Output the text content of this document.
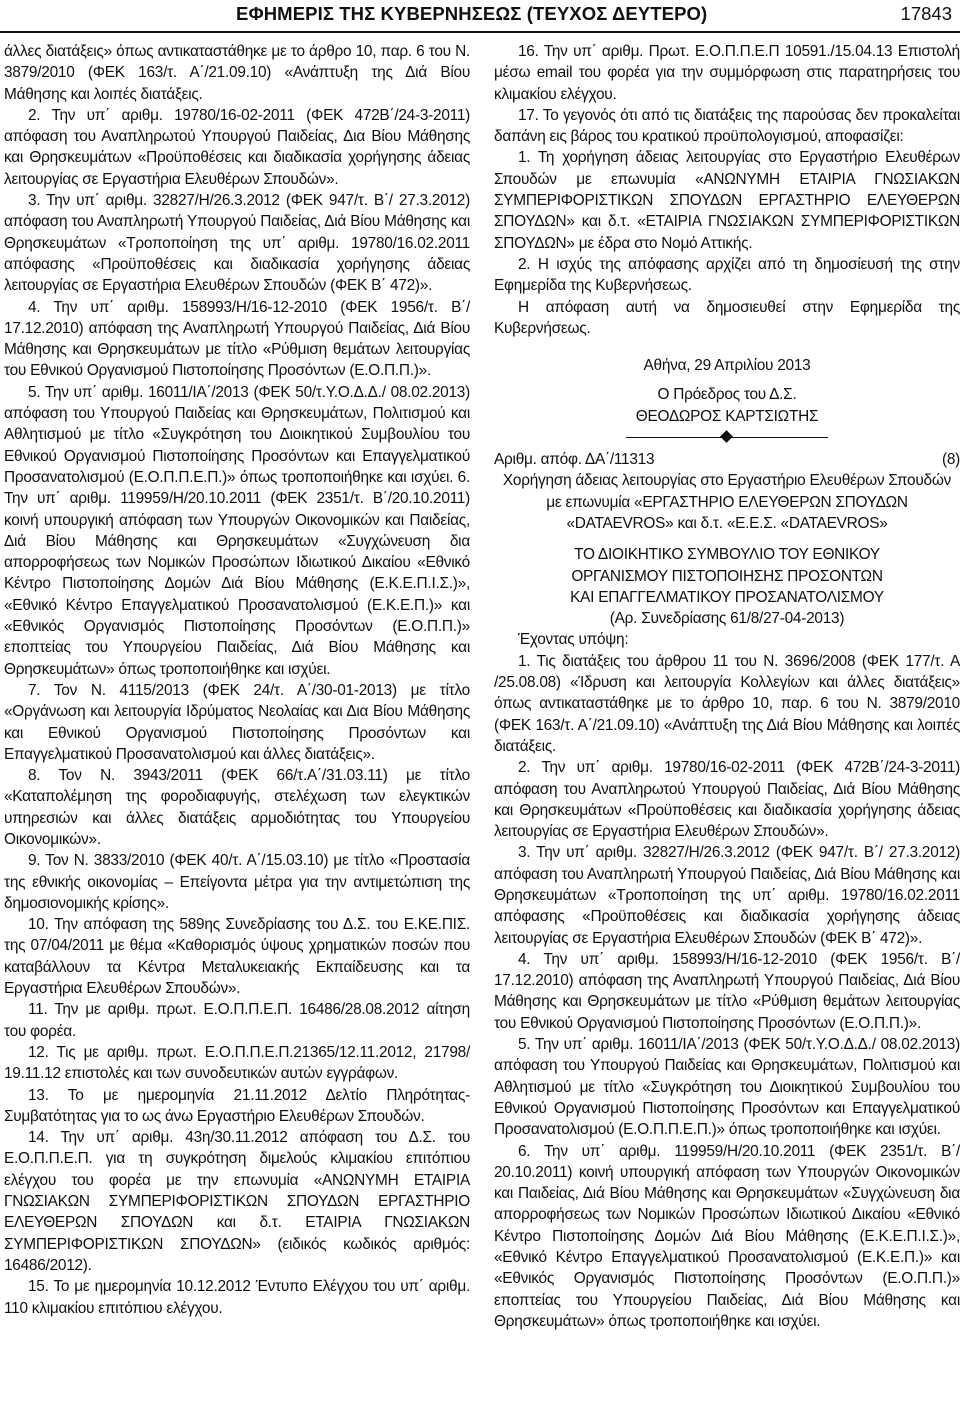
ΕΦΗΜΕΡΙΣ ΤΗΣ ΚΥΒΕΡΝΗΣΕΩΣ (ΤΕΥΧΟΣ ΔΕΥΤΕΡΟ)	17843

άλλες διατάξεις» όπως αντικαταστάθηκε με το άρθρο 10, παρ. 6 του Ν. 3879/2010 (ΦΕΚ 163/τ. Α΄/21.09.10) «Ανάπτυξη της Διά Βίου Μάθησης και λοιπές διατάξεις.

2. Την υπ΄ αριθμ. 19780/16-02-2011 (ΦΕΚ 472Β΄/24-3-2011) απόφαση του Αναπληρωτού Υπουργού Παιδείας, Δια Βίου Μάθησης και Θρησκευμάτων «Προϋποθέσεις και διαδικασία χορήγησης άδειας λειτουργίας σε Εργαστήρια Ελευθέρων Σπουδών».

3. Την υπ΄ αριθμ. 32827/Η/26.3.2012 (ΦΕΚ 947/τ. Β΄/ 27.3.2012) απόφαση του Αναπληρωτή Υπουργού Παιδείας, Διά Βίου Μάθησης και Θρησκευμάτων «Τροποποίηση της υπ΄ αριθμ. 19780/16.02.2011 απόφασης «Προϋποθέσεις και διαδικασία χορήγησης άδειας λειτουργίας σε Εργαστήρια Ελευθέρων Σπουδών (ΦΕΚ Β΄ 472)».

4. Την υπ΄ αριθμ. 158993/Η/16-12-2010 (ΦΕΚ 1956/τ. Β΄/ 17.12.2010) απόφαση της Αναπληρωτή Υπουργού Παιδείας, Διά Βίου Μάθησης και Θρησκευμάτων με τίτλο «Ρύθμιση θεμάτων λειτουργίας του Εθνικού Οργανισμού Πιστοποίησης Προσόντων (Ε.Ο.Π.Π.)».

5. Την υπ΄ αριθμ. 16011/ΙΑ΄/2013 (ΦΕΚ 50/τ.Υ.Ο.Δ.Δ./ 08.02.2013) απόφαση του Υπουργού Παιδείας και Θρησκευμάτων, Πολιτισμού και Αθλητισμού με τίτλο «Συγκρότηση του Διοικητικού Συμβουλίου του Εθνικού Οργανισμού Πιστοποίησης Προσόντων και Επαγγελματικού Προσανατολισμού (Ε.Ο.Π.Π.Ε.Π.)» όπως τροποποιήθηκε και ισχύει. 6. Την υπ΄ αριθμ. 119959/Η/20.10.2011 (ΦΕΚ 2351/τ. Β΄/20.10.2011) κοινή υπουργική απόφαση των Υπουργών Οικονομικών και Παιδείας, Διά Βίου Μάθησης και Θρησκευμάτων «Συγχώνευση δια απορροφήσεως των Νομικών Προσώπων Ιδιωτικού Δικαίου «Εθνικό Κέντρο Πιστοποίησης Δομών Διά Βίου Μάθησης (Ε.Κ.Ε.Π.Ι.Σ.)», «Εθνικό Κέντρο Επαγγελματικού Προσανατολισμού (Ε.Κ.Ε.Π.)» και «Εθνικός Οργανισμός Πιστοποίησης Προσόντων (Ε.Ο.Π.Π.)» εποπτείας του Υπουργείου Παιδείας, Διά Βίου Μάθησης και Θρησκευμάτων» όπως τροποποιήθηκε και ισχύει.

7. Τον Ν. 4115/2013 (ΦΕΚ 24/τ. Α΄/30-01-2013) με τίτλο «Οργάνωση και λειτουργία Ιδρύματος Νεολαίας και Δια Βίου Μάθησης και Εθνικού Οργανισμού Πιστοποίησης Προσόντων και Επαγγελματικού Προσανατολισμού και άλλες διατάξεις».

8. Τον Ν. 3943/2011 (ΦΕΚ 66/τ.Α΄/31.03.11) με τίτλο «Καταπολέμηση της φοροδιαφυγής, στελέχωση των ελεγκτικών υπηρεσιών και άλλες διατάξεις αρμοδιότητας του Υπουργείου Οικονομικών».

9. Τον Ν. 3833/2010 (ΦΕΚ 40/τ. Α΄/15.03.10) με τίτλο «Προστασία της εθνικής οικονομίας – Επείγοντα μέτρα για την αντιμετώπιση της δημοσιονομικής κρίσης».

10. Την απόφαση της 589ης Συνεδρίασης του Δ.Σ. του Ε.ΚΕ.ΠΙΣ. της 07/04/2011 με θέμα «Καθορισμός ύψους χρηματικών ποσών που καταβάλλουν τα Κέντρα Μεταλυκειακής Εκπαίδευσης και τα Εργαστήρια Ελευθέρων Σπουδών».

11. Την με αριθμ. πρωτ. Ε.Ο.Π.Π.Ε.Π. 16486/28.08.2012 αίτηση του φορέα.

12. Τις με αριθμ. πρωτ. Ε.Ο.Π.Π.Ε.Π.21365/12.11.2012, 21798/ 19.11.12 επιστολές και των συνοδευτικών αυτών εγγράφων.

13. Το με ημερομηνία 21.11.2012 Δελτίο Πληρότητας-Συμβατότητας για το ως άνω Εργαστήριο Ελευθέρων Σπουδών.

14. Την υπ΄ αριθμ. 43η/30.11.2012 απόφαση του Δ.Σ. του Ε.Ο.Π.Π.Ε.Π. για τη συγκρότηση διμελούς κλιμακίου επιτόπιου ελέγχου του φορέα με την επωνυμία «ΑΝΩΝΥΜΗ ΕΤΑΙΡΙΑ ΓΝΩΣΙΑΚΩΝ ΣΥΜΠΕΡΙΦΟΡΙΣΤΙΚΩΝ ΣΠΟΥΔΩΝ ΕΡΓΑΣΤΗΡΙΟ ΕΛΕΥΘΕΡΩΝ ΣΠΟΥΔΩΝ και δ.τ. ΕΤΑΙΡΙΑ ΓΝΩΣΙΑΚΩΝ ΣΥΜΠΕΡΙΦΟΡΙΣΤΙΚΩΝ ΣΠΟΥΔΩΝ» (ειδικός κωδικός αριθμός: 16486/2012).

15. Το με ημερομηνία 10.12.2012 Έντυπο Ελέγχου του υπ΄ αριθμ. 110 κλιμακίου επιτόπιου ελέγχου.

16. Την υπ΄ αριθμ. Πρωτ. Ε.Ο.Π.Π.Ε.Π 10591./15.04.13 Επιστολή μέσω email του φορέα για την συμμόρφωση στις παρατηρήσεις του κλιμακίου ελέγχου.

17. Το γεγονός ότι από τις διατάξεις της παρούσας δεν προκαλείται δαπάνη εις βάρος του κρατικού προϋπολογισμού, αποφασίζει:

1. Τη χορήγηση άδειας λειτουργίας στο Εργαστήριο Ελευθέρων Σπουδών με επωνυμία «ΑΝΩΝΥΜΗ ΕΤΑΙΡΙΑ ΓΝΩΣΙΑΚΩΝ ΣΥΜΠΕΡΙΦΟΡΙΣΤΙΚΩΝ ΣΠΟΥΔΩΝ ΕΡΓΑΣΤΗΡΙΟ ΕΛΕΥΘΕΡΩΝ ΣΠΟΥΔΩΝ» και δ.τ. «ΕΤΑΙΡΙΑ ΓΝΩΣΙΑΚΩΝ ΣΥΜΠΕΡΙΦΟΡΙΣΤΙΚΩΝ ΣΠΟΥΔΩΝ» με έδρα στο Νομό Αττικής.

2. Η ισχύς της απόφασης αρχίζει από τη δημοσίευσή της στην Εφημερίδα της Κυβερνήσεως.

Η απόφαση αυτή να δημοσιευθεί στην Εφημερίδα της Κυβερνήσεως.

Αθήνα, 29 Απριλίου 2013

Ο Πρόεδρος του Δ.Σ.

ΘΕΟΔΩΡΟΣ ΚΑΡΤΣΙΩΤΗΣ

Αριθμ. απόφ. ΔΑ΄/11313	(8)

Χορήγηση άδειας λειτουργίας στο Εργαστήριο Ελευθέρων Σπουδών με επωνυμία «ΕΡΓΑΣΤΗΡΙΟ ΕΛΕΥΘΕΡΩΝ ΣΠΟΥΔΩΝ «DATAEVROS» και δ.τ. «Ε.Ε.Σ. «DATAEVROS»

ΤΟ ΔΙΟΙΚΗΤΙΚΟ ΣΥΜΒΟΥΛΙΟ ΤΟΥ ΕΘΝΙΚΟΥ

ΟΡΓΑΝΙΣΜΟΥ ΠΙΣΤΟΠΟΙΗΣΗΣ ΠΡΟΣΟΝΤΩΝ

ΚΑΙ ΕΠΑΓΓΕΛΜΑΤΙΚΟΥ ΠΡΟΣΑΝΑΤΟΛΙΣΜΟΥ

(Αρ. Συνεδρίασης 61/8/27-04-2013)

Έχοντας υπόψη:

1. Τις διατάξεις του άρθρου 11 του Ν. 3696/2008 (ΦΕΚ 177/τ. Α /25.08.08) «Ίδρυση και λειτουργία Κολλεγίων και άλλες διατάξεις» όπως αντικαταστάθηκε με το άρθρο 10, παρ. 6 του Ν. 3879/2010 (ΦΕΚ 163/τ. Α΄/21.09.10) «Ανάπτυξη της Διά Βίου Μάθησης και λοιπές διατάξεις.

2. Την υπ΄ αριθμ. 19780/16-02-2011 (ΦΕΚ 472Β΄/24-3-2011) απόφαση του Αναπληρωτού Υπουργού Παιδείας, Διά Βίου Μάθησης και Θρησκευμάτων «Προϋποθέσεις και διαδικασία χορήγησης άδειας λειτουργίας σε Εργαστήρια Ελευθέρων Σπουδών».

3. Την υπ΄ αριθμ. 32827/Η/26.3.2012 (ΦΕΚ 947/τ. Β΄/ 27.3.2012) απόφαση του Αναπληρωτή Υπουργού Παιδείας, Διά Βίου Μάθησης και Θρησκευμάτων «Τροποποίηση της υπ΄ αριθμ. 19780/16.02.2011 απόφασης «Προϋποθέσεις και διαδικασία χορήγησης άδειας λειτουργίας σε Εργαστήρια Ελευθέρων Σπουδών (ΦΕΚ Β΄ 472)».

4. Την υπ΄ αριθμ. 158993/Η/16-12-2010 (ΦΕΚ 1956/τ. Β΄/ 17.12.2010) απόφαση της Αναπληρωτή Υπουργού Παιδείας, Διά Βίου Μάθησης και Θρησκευμάτων με τίτλο «Ρύθμιση θεμάτων λειτουργίας του Εθνικού Οργανισμού Πιστοποίησης Προσόντων (Ε.Ο.Π.Π.)».

5. Την υπ΄ αριθμ. 16011/ΙΑ΄/2013 (ΦΕΚ 50/τ.Υ.Ο.Δ.Δ./ 08.02.2013) απόφαση του Υπουργού Παιδείας και Θρησκευμάτων, Πολιτισμού και Αθλητισμού με τίτλο «Συγκρότηση του Διοικητικού Συμβουλίου του Εθνικού Οργανισμού Πιστοποίησης Προσόντων και Επαγγελματικού Προσανατολισμού (Ε.Ο.Π.Π.Ε.Π.)» όπως τροποποιήθηκε και ισχύει.

6. Την υπ΄ αριθμ. 119959/Η/20.10.2011 (ΦΕΚ 2351/τ. Β΄/ 20.10.2011) κοινή υπουργική απόφαση των Υπουργών Οικονομικών και Παιδείας, Διά Βίου Μάθησης και Θρησκευμάτων «Συγχώνευση δια απορροφήσεως των Νομικών Προσώπων Ιδιωτικού Δικαίου «Εθνικό Κέντρο Πιστοποίησης Δομών Διά Βίου Μάθησης (Ε.Κ.Ε.Π.Ι.Σ.)», «Εθνικό Κέντρο Επαγγελματικού Προσανατολισμού (Ε.Κ.Ε.Π.)» και «Εθνικός Οργανισμός Πιστοποίησης Προσόντων (Ε.Ο.Π.Π.)» εποπτείας του Υπουργείου Παιδείας, Διά Βίου Μάθησης και Θρησκευμάτων» όπως τροποποιήθηκε και ισχύει.
